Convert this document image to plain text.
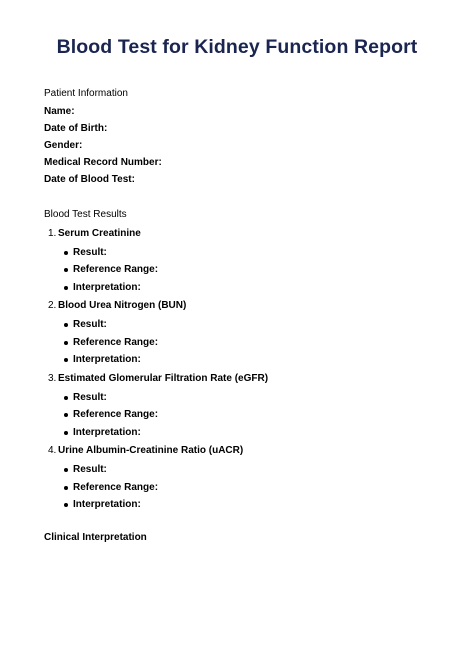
Blood Test for Kidney Function Report
Patient Information
Name:
Date of Birth:
Gender:
Medical Record Number:
Date of Blood Test:
Blood Test Results
1. Serum Creatinine
Result:
Reference Range:
Interpretation:
2. Blood Urea Nitrogen (BUN)
Result:
Reference Range:
Interpretation:
3. Estimated Glomerular Filtration Rate (eGFR)
Result:
Reference Range:
Interpretation:
4. Urine Albumin-Creatinine Ratio (uACR)
Result:
Reference Range:
Interpretation:
Clinical Interpretation
